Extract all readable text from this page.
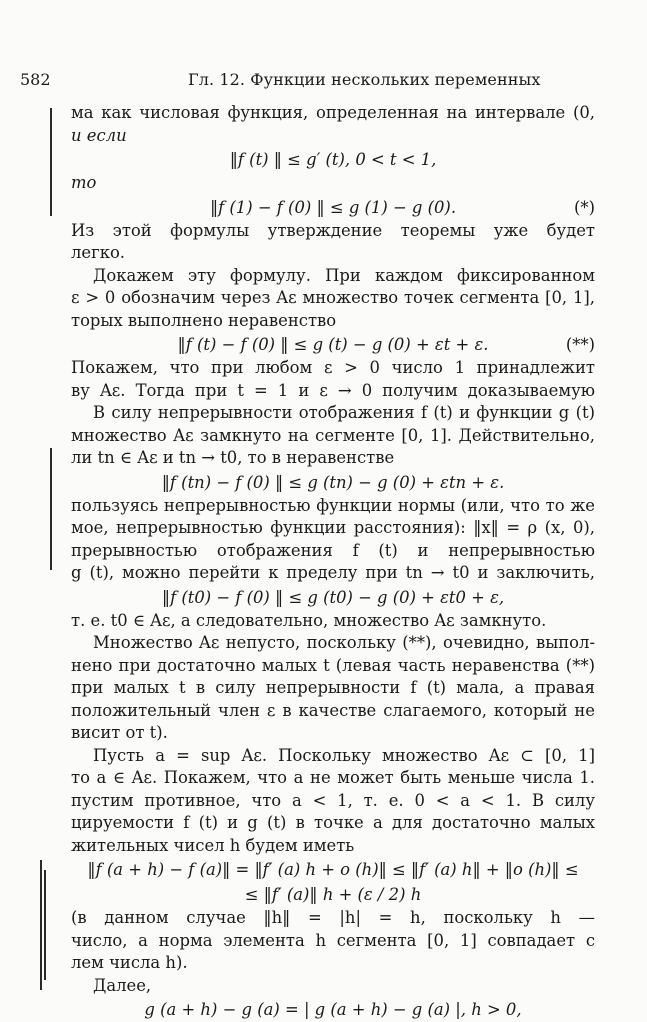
582	Гл. 12. Функции нескольких переменных
ма как числовая функция, определенная на интервале (0,
и если
‖f (t) ‖ ≤ g′ (t), 0 < t < 1,
то
‖f (1) − f (0) ‖ ≤ g (1) − g (0).	(*)
Из этой формулы утверждение теоремы уже будет
легко.
Докажем эту формулу. При каждом фиксированном
ε > 0 обозначим через Aε множество точек сегмента [0, 1],
торых выполнено неравенство
‖f (t) − f (0) ‖ ≤ g (t) − g (0) + εt + ε.	(**)
Покажем, что при любом ε > 0 число 1 принадлежит
ву Aε. Тогда при t = 1 и ε → 0 получим доказываемую
В силу непрерывности отображения f (t) и функции g (t)
множество Aε замкнуто на сегменте [0, 1]. Действительно,
ли tn ∈ Aε и tn → t0, то в неравенстве
‖f (tn) − f (0) ‖ ≤ g (tn) − g (0) + εtn + ε.
пользуясь непрерывностью функции нормы (или, что то же
мое, непрерывностью функции расстояния): ‖x‖ = ρ (x, 0),
прерывностью отображения f (t) и непрерывностью
g (t), можно перейти к пределу при tn → t0 и заключить,
‖f (t0) − f (0) ‖ ≤ g (t0) − g (0) + εt0 + ε,
т. е. t0 ∈ Aε, а следовательно, множество Aε замкнуто.
Множество Aε непусто, поскольку (**), очевидно, выпол-
нено при достаточно малых t (левая часть неравенства (**)
при малых t в силу непрерывности f (t) мала, а правая
положительный член ε в качестве слагаемого, который не
висит от t).
Пусть a = sup Aε. Поскольку множество Aε ⊂ [0, 1]
то a ∈ Aε. Покажем, что a не может быть меньше числа 1.
пустим противное, что a < 1, т. е. 0 < a < 1. В силу
цируемости f (t) и g (t) в точке a для достаточно малых
жительных чисел h будем иметь
‖f (a + h) − f (a)‖ = ‖f′ (a) h + o (h)‖ ≤ ‖f′ (a) h‖ + ‖o (h)‖ ≤
≤ ‖f′ (a)‖ h + (ε / 2) h
(в данном случае ‖h‖ = |h| = h, поскольку h —
число, а норма элемента h сегмента [0, 1] совпадает с
лем числа h).
Далее,
g (a + h) − g (a) = | g (a + h) − g (a) |, h > 0,
